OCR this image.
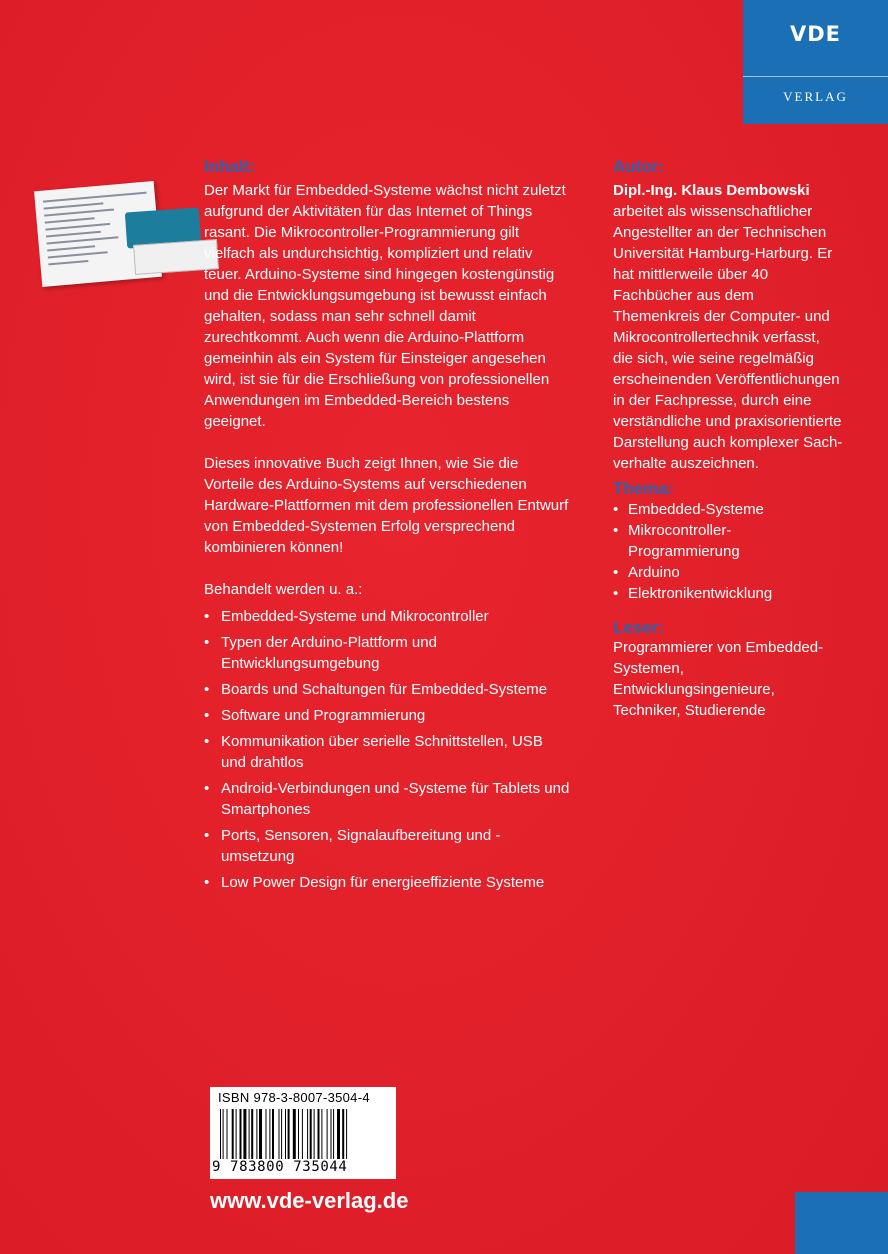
VDE
VERLAG
Inhalt:

Der Markt für Embedded-Systeme wächst nicht zuletzt aufgrund der Aktivitäten für das Internet of Things rasant. Die Mikrocontroller-Programmierung gilt vielfach als undurchsichtig, kompliziert und relativ teuer. Arduino-Systeme sind hingegen kostengünstig und die Entwicklungsumgebung ist bewusst einfach gehalten, sodass man sehr schnell damit zurechtkommt. Auch wenn die Arduino-Plattform gemeinhin als ein System für Einsteiger angesehen wird, ist sie für die Erschließung von professionellen Anwendungen im Embedded-Bereich bestens geeignet.

Dieses innovative Buch zeigt Ihnen, wie Sie die Vorteile des Arduino-Systems auf verschiedenen Hardware-Plattformen mit dem professionellen Entwurf von Embedded-Systemen Erfolg versprechend kombinieren können!

Behandelt werden u. a.:

• Embedded-Systeme und Mikrocontroller
• Typen der Arduino-Plattform und Entwicklungsumgebung
• Boards und Schaltungen für Embedded-Systeme
• Software und Programmierung
• Kommunikation über serielle Schnittstellen, USB und drahtlos
• Android-Verbindungen und -Systeme für Tablets und Smartphones
• Ports, Sensoren, Signalaufbereitung und -umsetzung
• Low Power Design für energieeffiziente Systeme
Autor:

Dipl.-Ing. Klaus Dembowski

arbeitet als wissenschaftlicher Angestellter an der Technischen Universität Hamburg-Harburg. Er hat mittlerweile über 40 Fachbücher aus dem Themenkreis der Computer- und Mikrocontrollertechnik verfasst, die sich, wie seine regelmäßig erscheinenden Veröffentlichungen in der Fachpresse, durch eine verständliche und praxisorientierte Darstellung auch komplexer Sachverhalte auszeichnen.

Thema:
• Embedded-Systeme
• Mikrocontroller-Programmierung
• Arduino
• Elektronikentwicklung
Leser:

Programmierer von Embedded-Systemen, Entwicklungsingenieure, Techniker, Studierende

ISBN 978-3-8007-3504-4
9 783800 735044
www.vde-verlag.de
